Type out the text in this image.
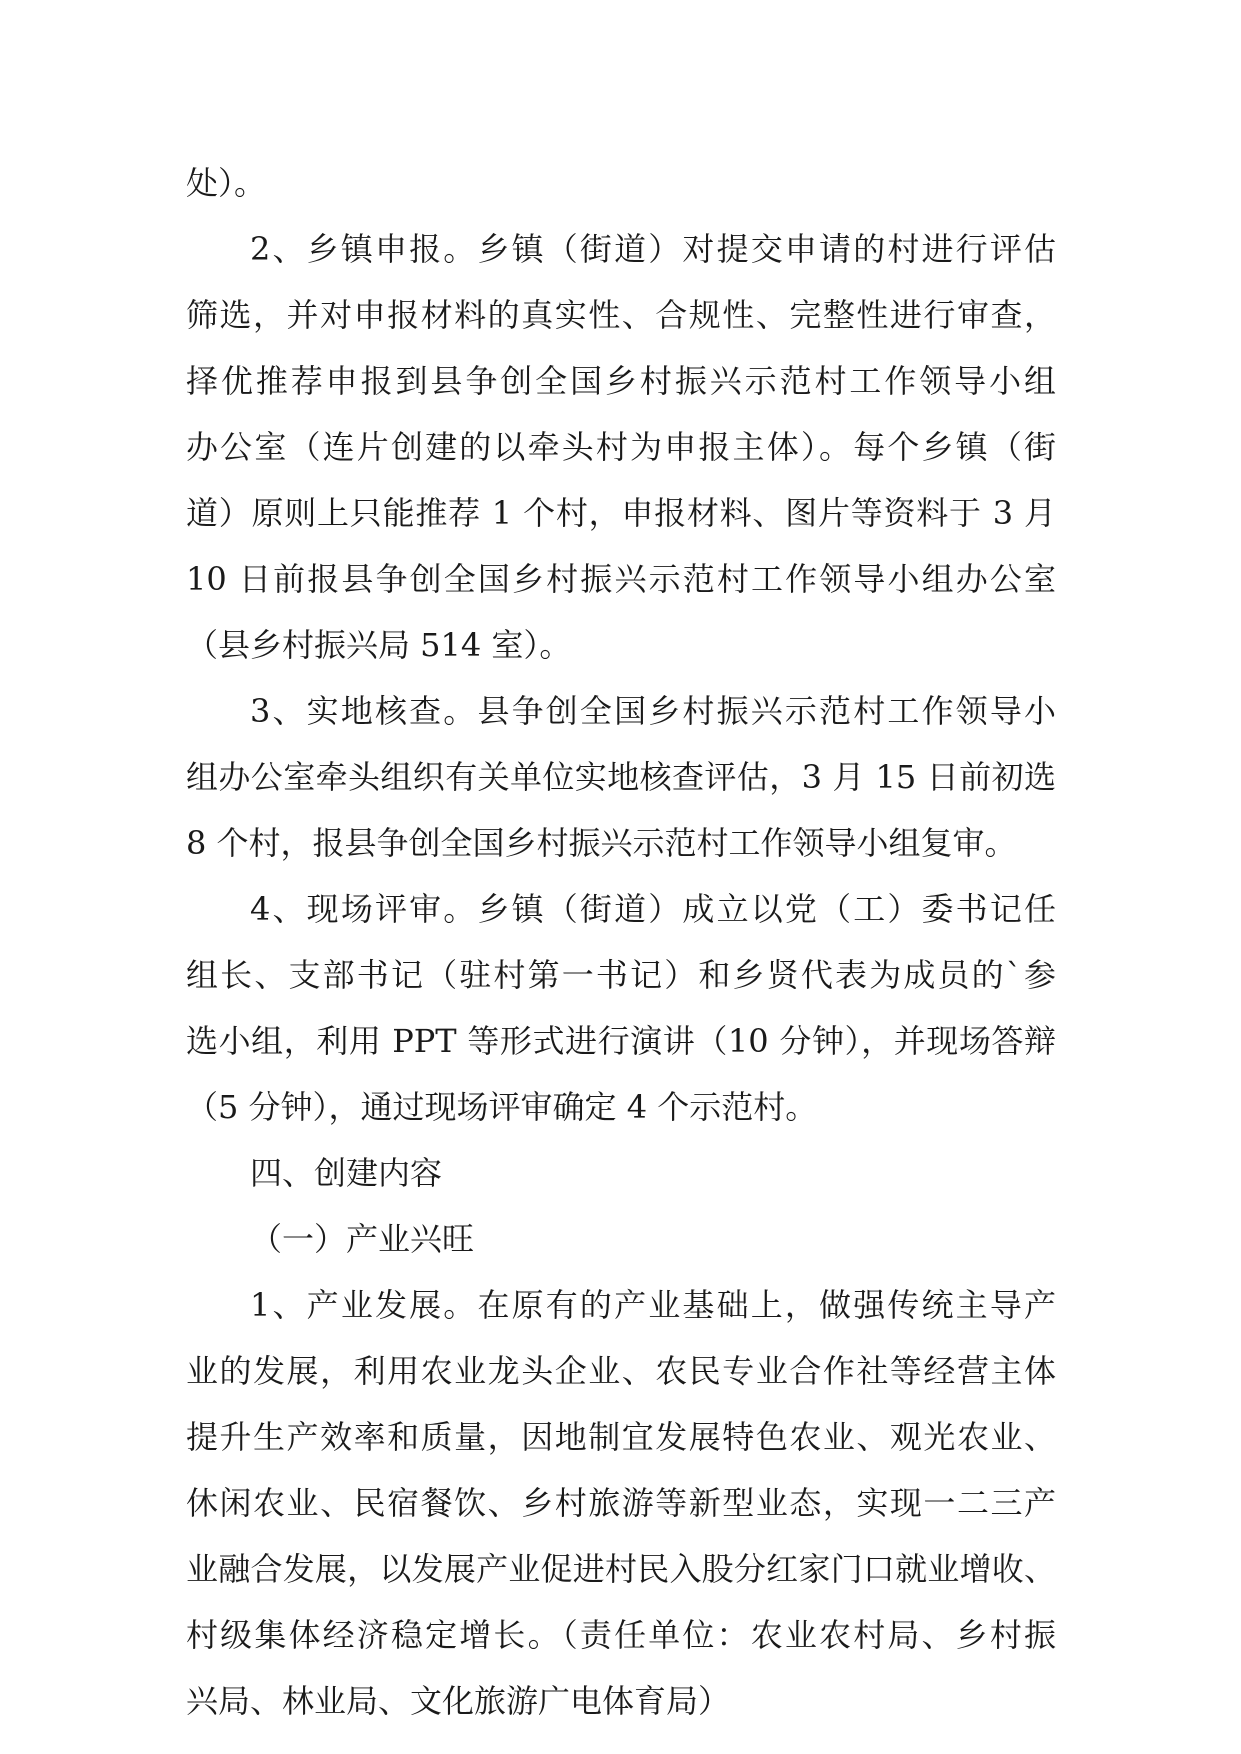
处）。
2、乡镇申报。乡镇（街道）对提交申请的村进行评估
筛选，并对申报材料的真实性、合规性、完整性进行审查，
择优推荐申报到县争创全国乡村振兴示范村工作领导小组
办公室（连片创建的以牵头村为申报主体）。每个乡镇（街
道）原则上只能推荐 1 个村，申报材料、图片等资料于 3 月
10 日前报县争创全国乡村振兴示范村工作领导小组办公室
（县乡村振兴局 514 室）。
3、实地核查。县争创全国乡村振兴示范村工作领导小
组办公室牵头组织有关单位实地核查评估，3 月 15 日前初选
8 个村，报县争创全国乡村振兴示范村工作领导小组复审。
4、现场评审。乡镇（街道）成立以党（工）委书记任
组长、支部书记（驻村第一书记）和乡贤代表为成员的`参
选小组，利用 PPT 等形式进行演讲（10 分钟），并现场答辩
（5 分钟），通过现场评审确定 4 个示范村。
四、创建内容
（一）产业兴旺
1、产业发展。在原有的产业基础上，做强传统主导产
业的发展，利用农业龙头企业、农民专业合作社等经营主体
提升生产效率和质量，因地制宜发展特色农业、观光农业、
休闲农业、民宿餐饮、乡村旅游等新型业态，实现一二三产
业融合发展，以发展产业促进村民入股分红家门口就业增收、
村级集体经济稳定增长。（责任单位：农业农村局、乡村振
兴局、林业局、文化旅游广电体育局）
